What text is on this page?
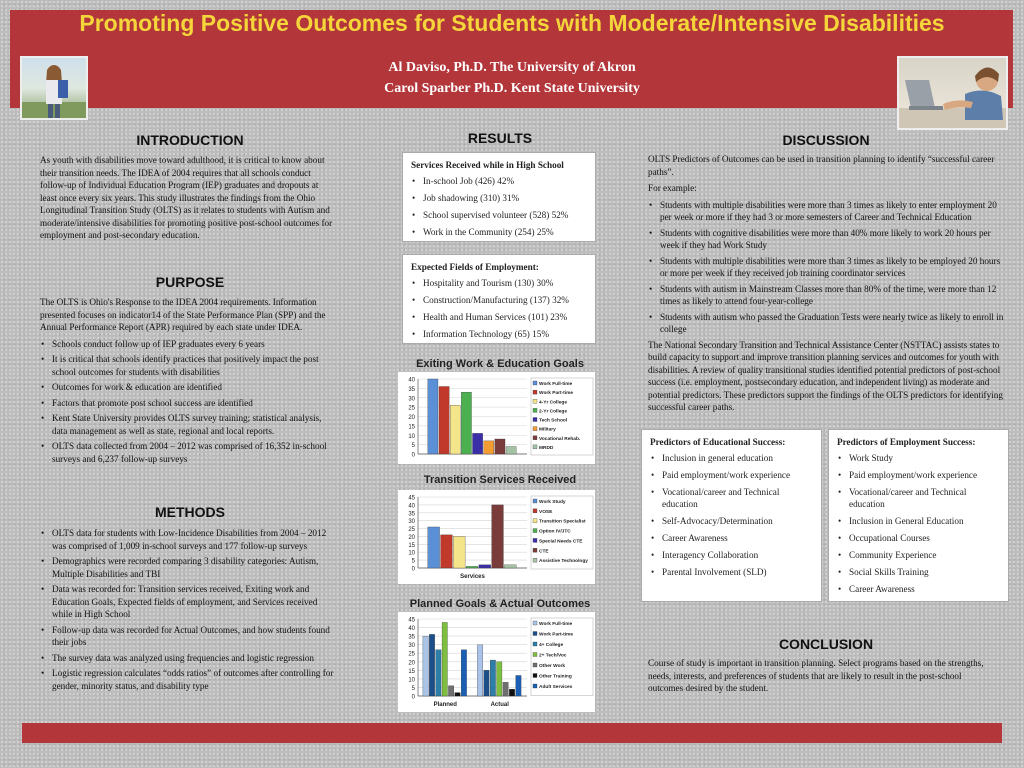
Promoting Positive Outcomes for Students with Moderate/Intensive Disabilities
Al Daviso, Ph.D. The University of Akron
Carol Sparber Ph.D. Kent State University
INTRODUCTION

As youth with disabilities move toward adulthood, it is critical to know about their transition needs. The IDEA of 2004 requires that all schools conduct follow-up of Individual Education Program (IEP) graduates and dropouts at least once every six years. This study illustrates the findings from the Ohio Longitudinal Transition Study (OLTS) as it relates to students with Autism and moderate/intensive disabilities for promoting positive post-school outcomes for employment and post-secondary education.

PURPOSE

The OLTS is Ohio's Response to the IDEA 2004 requirements. Information presented focuses on indicator14 of the State Performance Plan (SPP) and the Annual Performance Report (APR) required by each state under IDEA.

• Schools conduct follow up of IEP graduates every 6 years
• It is critical that schools identify practices that positively impact the post school outcomes for students with disabilities
• Outcomes for work & education are identified
• Factors that promote post school success are identified
• Kent State University provides OLTS survey training; statistical analysis, data management as well as state, regional and local reports.
• OLTS data collected from 2004 – 2012 was comprised of 16,352 in-school surveys and 6,237 follow-up surveys
METHODS
• OLTS data for students with Low-Incidence Disabilities from 2004 – 2012 was comprised of 1,009 in-school surveys and 177 follow-up surveys
• Demographics were recorded comparing 3 disability categories: Autism, Multiple Disabilities and TBI
• Data was recorded for: Transition services received, Exiting work and Education Goals, Expected fields of employment, and Services received while in High School
• Follow-up data was recorded for Actual Outcomes, and how students found their jobs
• The survey data was analyzed using frequencies and logistic regression
• Logistic regression calculates “odds ratios” of outcomes after controlling for gender, minority status, and disability type
RESULTS
Services Received while in High School
• In-school Job (426) 42%
• Job shadowing (310) 31%
• School supervised volunteer (528) 52%
• Work in the Community (254) 25%
Expected Fields of Employment:
• Hospitality and Tourism (130) 30%
• Construction/Manufacturing (137) 32%
• Health and Human Services (101) 23%
• Information Technology (65) 15%
Exiting Work & Education Goals
0
5
10
15
20
25
30
35
40
Work Full-time
Work Part-time
4-Yr College
2-Yr College
Tech School
Military
Vocational Rehab.
MRDD
Transition Services Received
0
5
10
15
20
25
30
35
40
45
Services
Work Study
VOSE
Transition Specialist
Option IV/JTC
Special Needs CTE
CTE
Assistive Technology
Planned Goals & Actual Outcomes
0
5
10
15
20
25
30
35
40
45
Planned	Actual
Work Full-time
Work Part-time
4+ College
2+ Tech/Voc
Other Work
Other Training
Adult Services
DISCUSSION

OLTS Predictors of Outcomes can be used in transition planning to identify “successful career paths”.

For example:

• Students with multiple disabilities were more than 3 times as likely to enter employment 20 per week or more if they had 3 or more semesters of Career and Technical Education
• Students with cognitive disabilities were more than 40% more likely to work 20 hours per week if they had Work Study
• Students with multiple disabilities were more than 3 times as likely to be employed 20 hours or more per week if they received job training coordinator services
• Students with autism in Mainstream Classes more than 80% of the time, were more than 12 times as likely to attend four-year-college
• Students with autism who passed the Graduation Tests were nearly twice as likely to enroll in college

The National Secondary Transition and Technical Assistance Center (NSTTAC) assists states to build capacity to support and improve transition planning services and outcomes for youth with disabilities. A review of quality transitional studies identified potential predictors of post-school success (i.e. employment, postsecondary education, and independent living) as moderate and potential predictors. These predictors support the findings of the OLTS predictors for identifying successful career paths.

Predictors of Educational Success:
• Inclusion in general education
• Paid employment/work experience
• Vocational/career and Technical education
• Self-Advocacy/Determination
• Career Awareness
• Interagency Collaboration
• Parental Involvement (SLD)
Predictors of Employment Success:
• Work Study
• Paid employment/work experience
• Vocational/career and Technical education
• Inclusion in General Education
• Occupational Courses
• Community Experience
• Social Skills Training
• Career Awareness
CONCLUSION

Course of study is important in transition planning. Select programs based on the strengths, needs, interests, and preferences of students that are likely to result in the post-school outcomes desired by the student.
